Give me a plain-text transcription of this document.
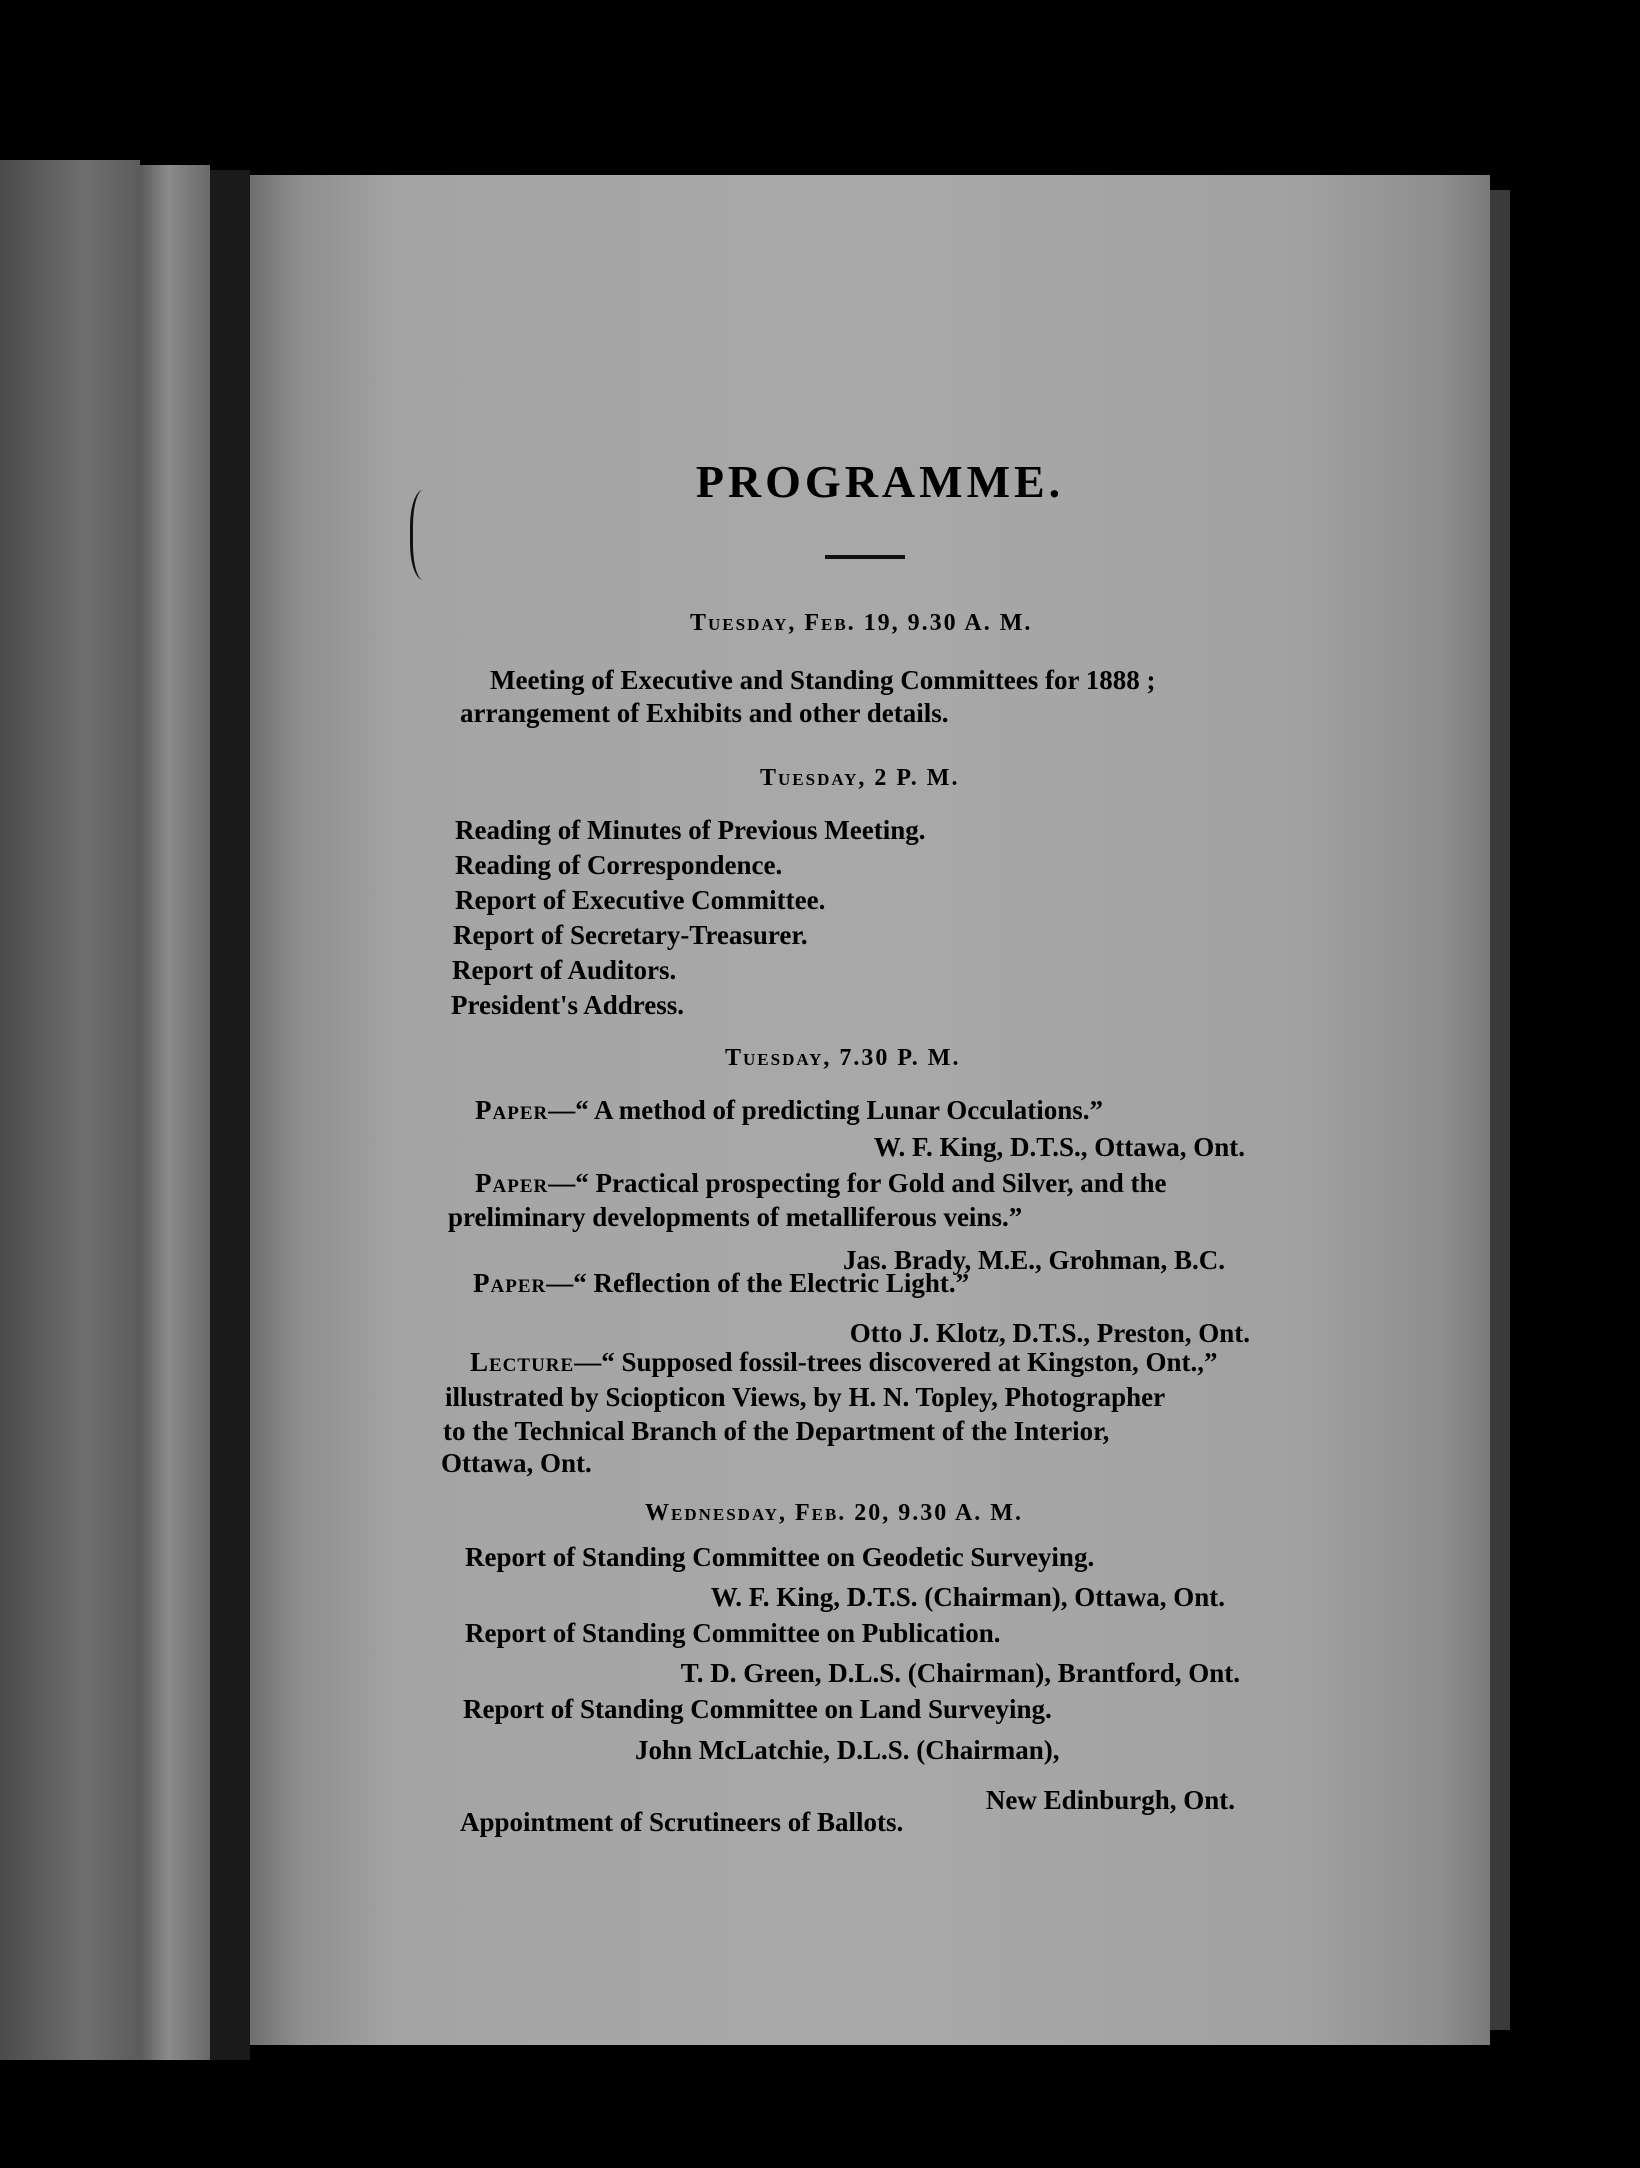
PROGRAMME.
Tuesday, Feb. 19, 9.30 A. M.
Meeting of Executive and Standing Committees for 1888 ;
arrangement of Exhibits and other details.
Tuesday, 2 P. M.
Reading of Minutes of Previous Meeting.
Reading of Correspondence.
Report of Executive Committee.
Report of Secretary-Treasurer.
Report of Auditors.
President's Address.
Tuesday, 7.30 P. M.
Paper—“ A method of predicting Lunar Occulations.”
W. F. King, D.T.S., Ottawa, Ont.
Paper—“ Practical prospecting for Gold and Silver, and the
preliminary developments of metalliferous veins.”
Jas. Brady, M.E., Grohman, B.C.
Paper—“ Reflection of the Electric Light.”
Otto J. Klotz, D.T.S., Preston, Ont.
Lecture—“ Supposed fossil-trees discovered at Kingston, Ont.,”
illustrated by Sciopticon Views, by H. N. Topley, Photographer
to the Technical Branch of the Department of the Interior,
Ottawa, Ont.
Wednesday, Feb. 20, 9.30 A. M.
Report of Standing Committee on Geodetic Surveying.
W. F. King, D.T.S. (Chairman), Ottawa, Ont.
Report of Standing Committee on Publication.
T. D. Green, D.L.S. (Chairman), Brantford, Ont.
Report of Standing Committee on Land Surveying.
John McLatchie, D.L.S. (Chairman),
New Edinburgh, Ont.
Appointment of Scrutineers of Ballots.
